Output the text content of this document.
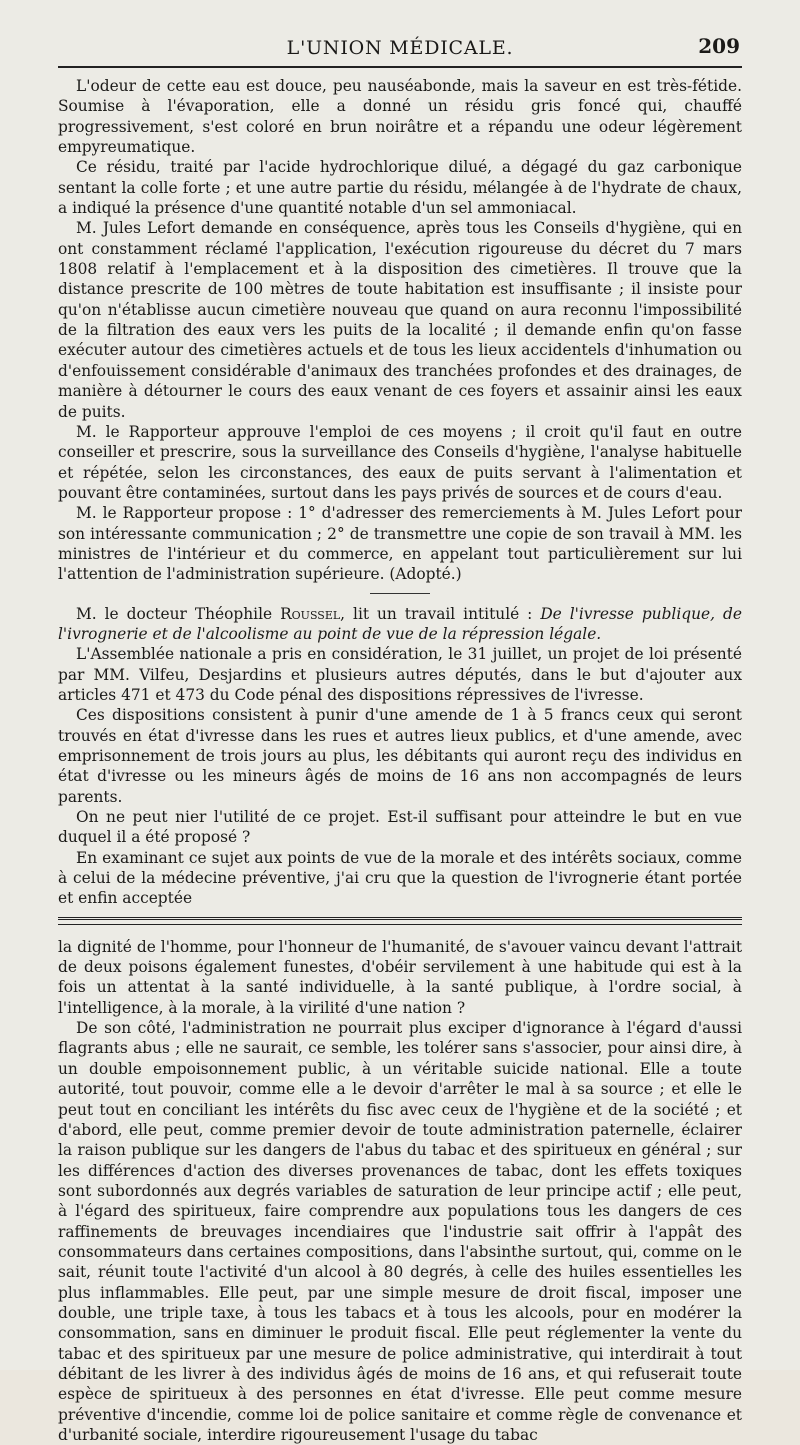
L'UNION MÉDICALE.	209

L'odeur de cette eau est douce, peu nauséabonde, mais la saveur en est très-fétide. Soumise à l'évaporation, elle a donné un résidu gris foncé qui, chauffé progressivement, s'est coloré en brun noirâtre et a répandu une odeur légèrement empyreumatique.

Ce résidu, traité par l'acide hydrochlorique dilué, a dégagé du gaz carbonique sentant la colle forte ; et une autre partie du résidu, mélangée à de l'hydrate de chaux, a indiqué la présence d'une quantité notable d'un sel ammoniacal.

M. Jules Lefort demande en conséquence, après tous les Conseils d'hygiène, qui en ont constamment réclamé l'application, l'exécution rigoureuse du décret du 7 mars 1808 relatif à l'emplacement et à la disposition des cimetières. Il trouve que la distance prescrite de 100 mètres de toute habitation est insuffisante ; il insiste pour qu'on n'établisse aucun cimetière nouveau que quand on aura reconnu l'impossibilité de la filtration des eaux vers les puits de la localité ; il demande enfin qu'on fasse exécuter autour des cimetières actuels et de tous les lieux accidentels d'inhumation ou d'enfouissement considérable d'animaux des tranchées profondes et des drainages, de manière à détourner le cours des eaux venant de ces foyers et assainir ainsi les eaux de puits.

M. le Rapporteur approuve l'emploi de ces moyens ; il croit qu'il faut en outre conseiller et prescrire, sous la surveillance des Conseils d'hygiène, l'analyse habituelle et répétée, selon les circonstances, des eaux de puits servant à l'alimentation et pouvant être contaminées, surtout dans les pays privés de sources et de cours d'eau.

M. le Rapporteur propose : 1° d'adresser des remerciements à M. Jules Lefort pour son intéressante communication ; 2° de transmettre une copie de son travail à MM. les ministres de l'intérieur et du commerce, en appelant tout particulièrement sur lui l'attention de l'administration supérieure. (Adopté.)

M. le docteur Théophile Roussel, lit un travail intitulé : De l'ivresse publique, de l'ivrognerie et de l'alcoolisme au point de vue de la répression légale.

L'Assemblée nationale a pris en considération, le 31 juillet, un projet de loi présenté par MM. Vilfeu, Desjardins et plusieurs autres députés, dans le but d'ajouter aux articles 471 et 473 du Code pénal des dispositions répressives de l'ivresse.

Ces dispositions consistent à punir d'une amende de 1 à 5 francs ceux qui seront trouvés en état d'ivresse dans les rues et autres lieux publics, et d'une amende, avec emprisonnement de trois jours au plus, les débitants qui auront reçu des individus en état d'ivresse ou les mineurs âgés de moins de 16 ans non accompagnés de leurs parents.

On ne peut nier l'utilité de ce projet. Est-il suffisant pour atteindre le but en vue duquel il a été proposé ?

En examinant ce sujet aux points de vue de la morale et des intérêts sociaux, comme à celui de la médecine préventive, j'ai cru que la question de l'ivrognerie étant portée et enfin acceptée

la dignité de l'homme, pour l'honneur de l'humanité, de s'avouer vaincu devant l'attrait de deux poisons également funestes, d'obéir servilement à une habitude qui est à la fois un attentat à la santé individuelle, à la santé publique, à l'ordre social, à l'intelligence, à la morale, à la virilité d'une nation ?

De son côté, l'administration ne pourrait plus exciper d'ignorance à l'égard d'aussi flagrants abus ; elle ne saurait, ce semble, les tolérer sans s'associer, pour ainsi dire, à un double empoisonnement public, à un véritable suicide national. Elle a toute autorité, tout pouvoir, comme elle a le devoir d'arrêter le mal à sa source ; et elle le peut tout en conciliant les intérêts du fisc avec ceux de l'hygiène et de la société ; et d'abord, elle peut, comme premier devoir de toute administration paternelle, éclairer la raison publique sur les dangers de l'abus du tabac et des spiritueux en général ; sur les différences d'action des diverses provenances de tabac, dont les effets toxiques sont subordonnés aux degrés variables de saturation de leur principe actif ; elle peut, à l'égard des spiritueux, faire comprendre aux populations tous les dangers de ces raffinements de breuvages incendiaires que l'industrie sait offrir à l'appât des consommateurs dans certaines compositions, dans l'absinthe surtout, qui, comme on le sait, réunit toute l'activité d'un alcool à 80 degrés, à celle des huiles essentielles les plus inflammables. Elle peut, par une simple mesure de droit fiscal, imposer une double, une triple taxe, à tous les tabacs et à tous les alcools, pour en modérer la consommation, sans en diminuer le produit fiscal. Elle peut réglementer la vente du tabac et des spiritueux par une mesure de police administrative, qui interdirait à tout débitant de les livrer à des individus âgés de moins de 16 ans, et qui refuserait toute espèce de spiritueux à des personnes en état d'ivresse. Elle peut comme mesure préventive d'incendie, comme loi de police sanitaire et comme règle de convenance et d'urbanité sociale, interdire rigoureusement l'usage du tabac
